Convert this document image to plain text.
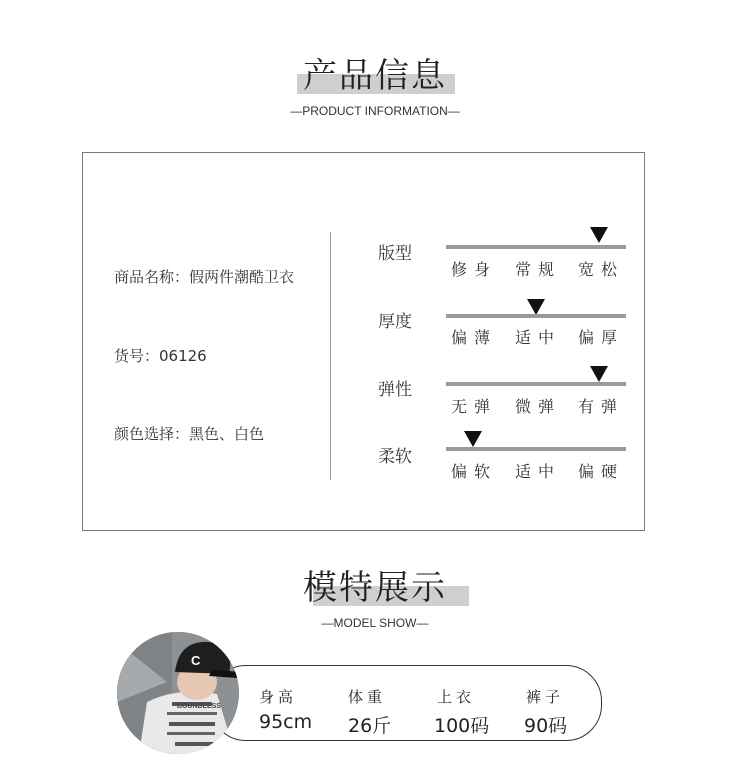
产品信息
—PRODUCT INFORMATION—
商品名称：假两件潮酷卫衣
货号：06126
颜色选择：黑色、白色
版型
修身 常规 宽松
厚度
偏薄 适中 偏厚
弹性
无弹 微弹 有弹
柔软
偏软 适中 偏硬
模特展示
—MODEL SHOW—
C
BOUNDLESS
身高	体重	上衣	裤子
95cm 26斤 100码 90码
